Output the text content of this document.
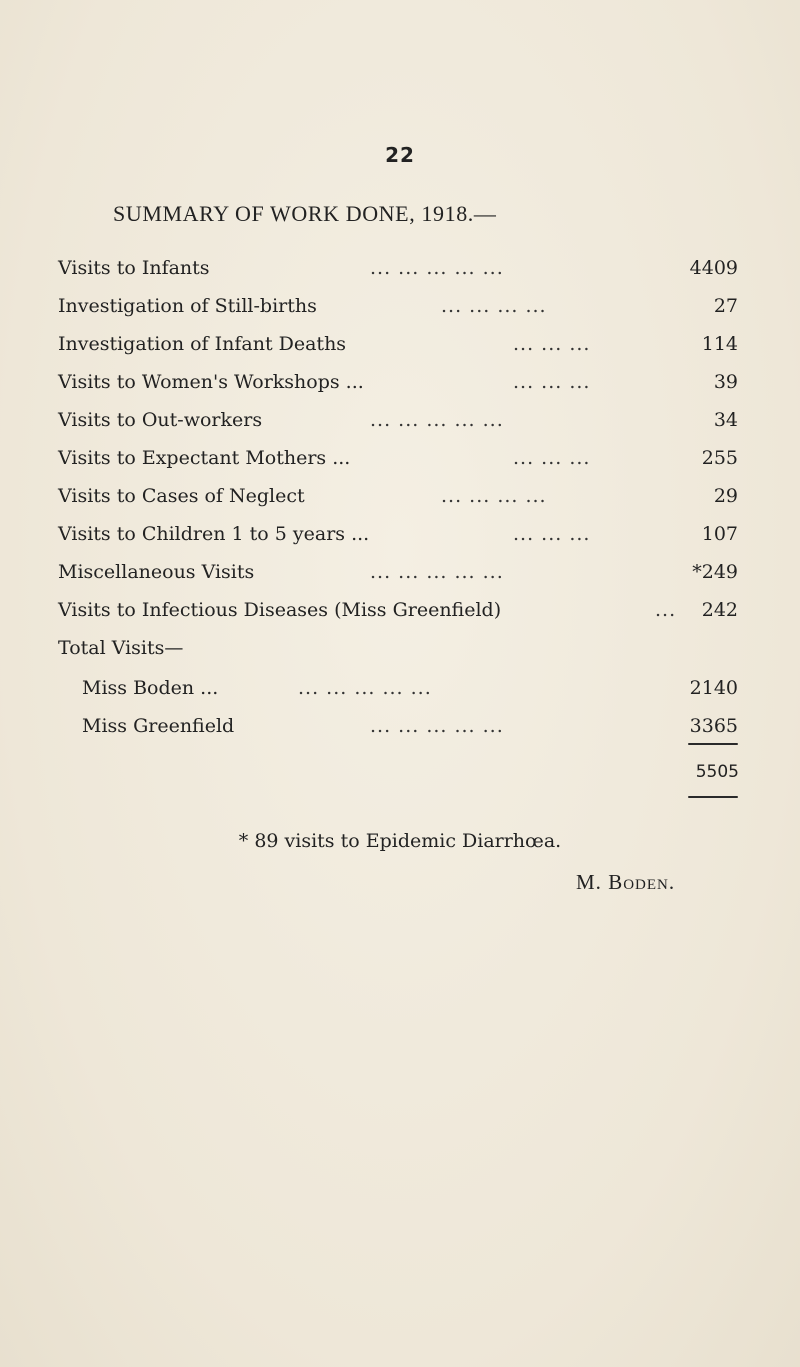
22
SUMMARY OF WORK DONE, 1918.—
Visits to Infants	... ... ... ... ...	4409
Investigation of Still-births	... ... ... ...	27
Investigation of Infant Deaths	... ... ...	114
Visits to Women's Workshops ...	... ... ...	39
Visits to Out-workers	... ... ... ... ...	34
Visits to Expectant Mothers ...	... ... ...	255
Visits to Cases of Neglect	... ... ... ...	29
Visits to Children 1 to 5 years ...	... ... ...	107
Miscellaneous Visits	... ... ... ... ...	*249
Visits to Infectious Diseases (Miss Greenfield)	... 242
Total Visits—
Miss Boden ...	... ... ... ... ...	2140
Miss Greenfield	... ... ... ... ...	3365
5505
* 89 visits to Epidemic Diarrhœa.
M. Boden.
